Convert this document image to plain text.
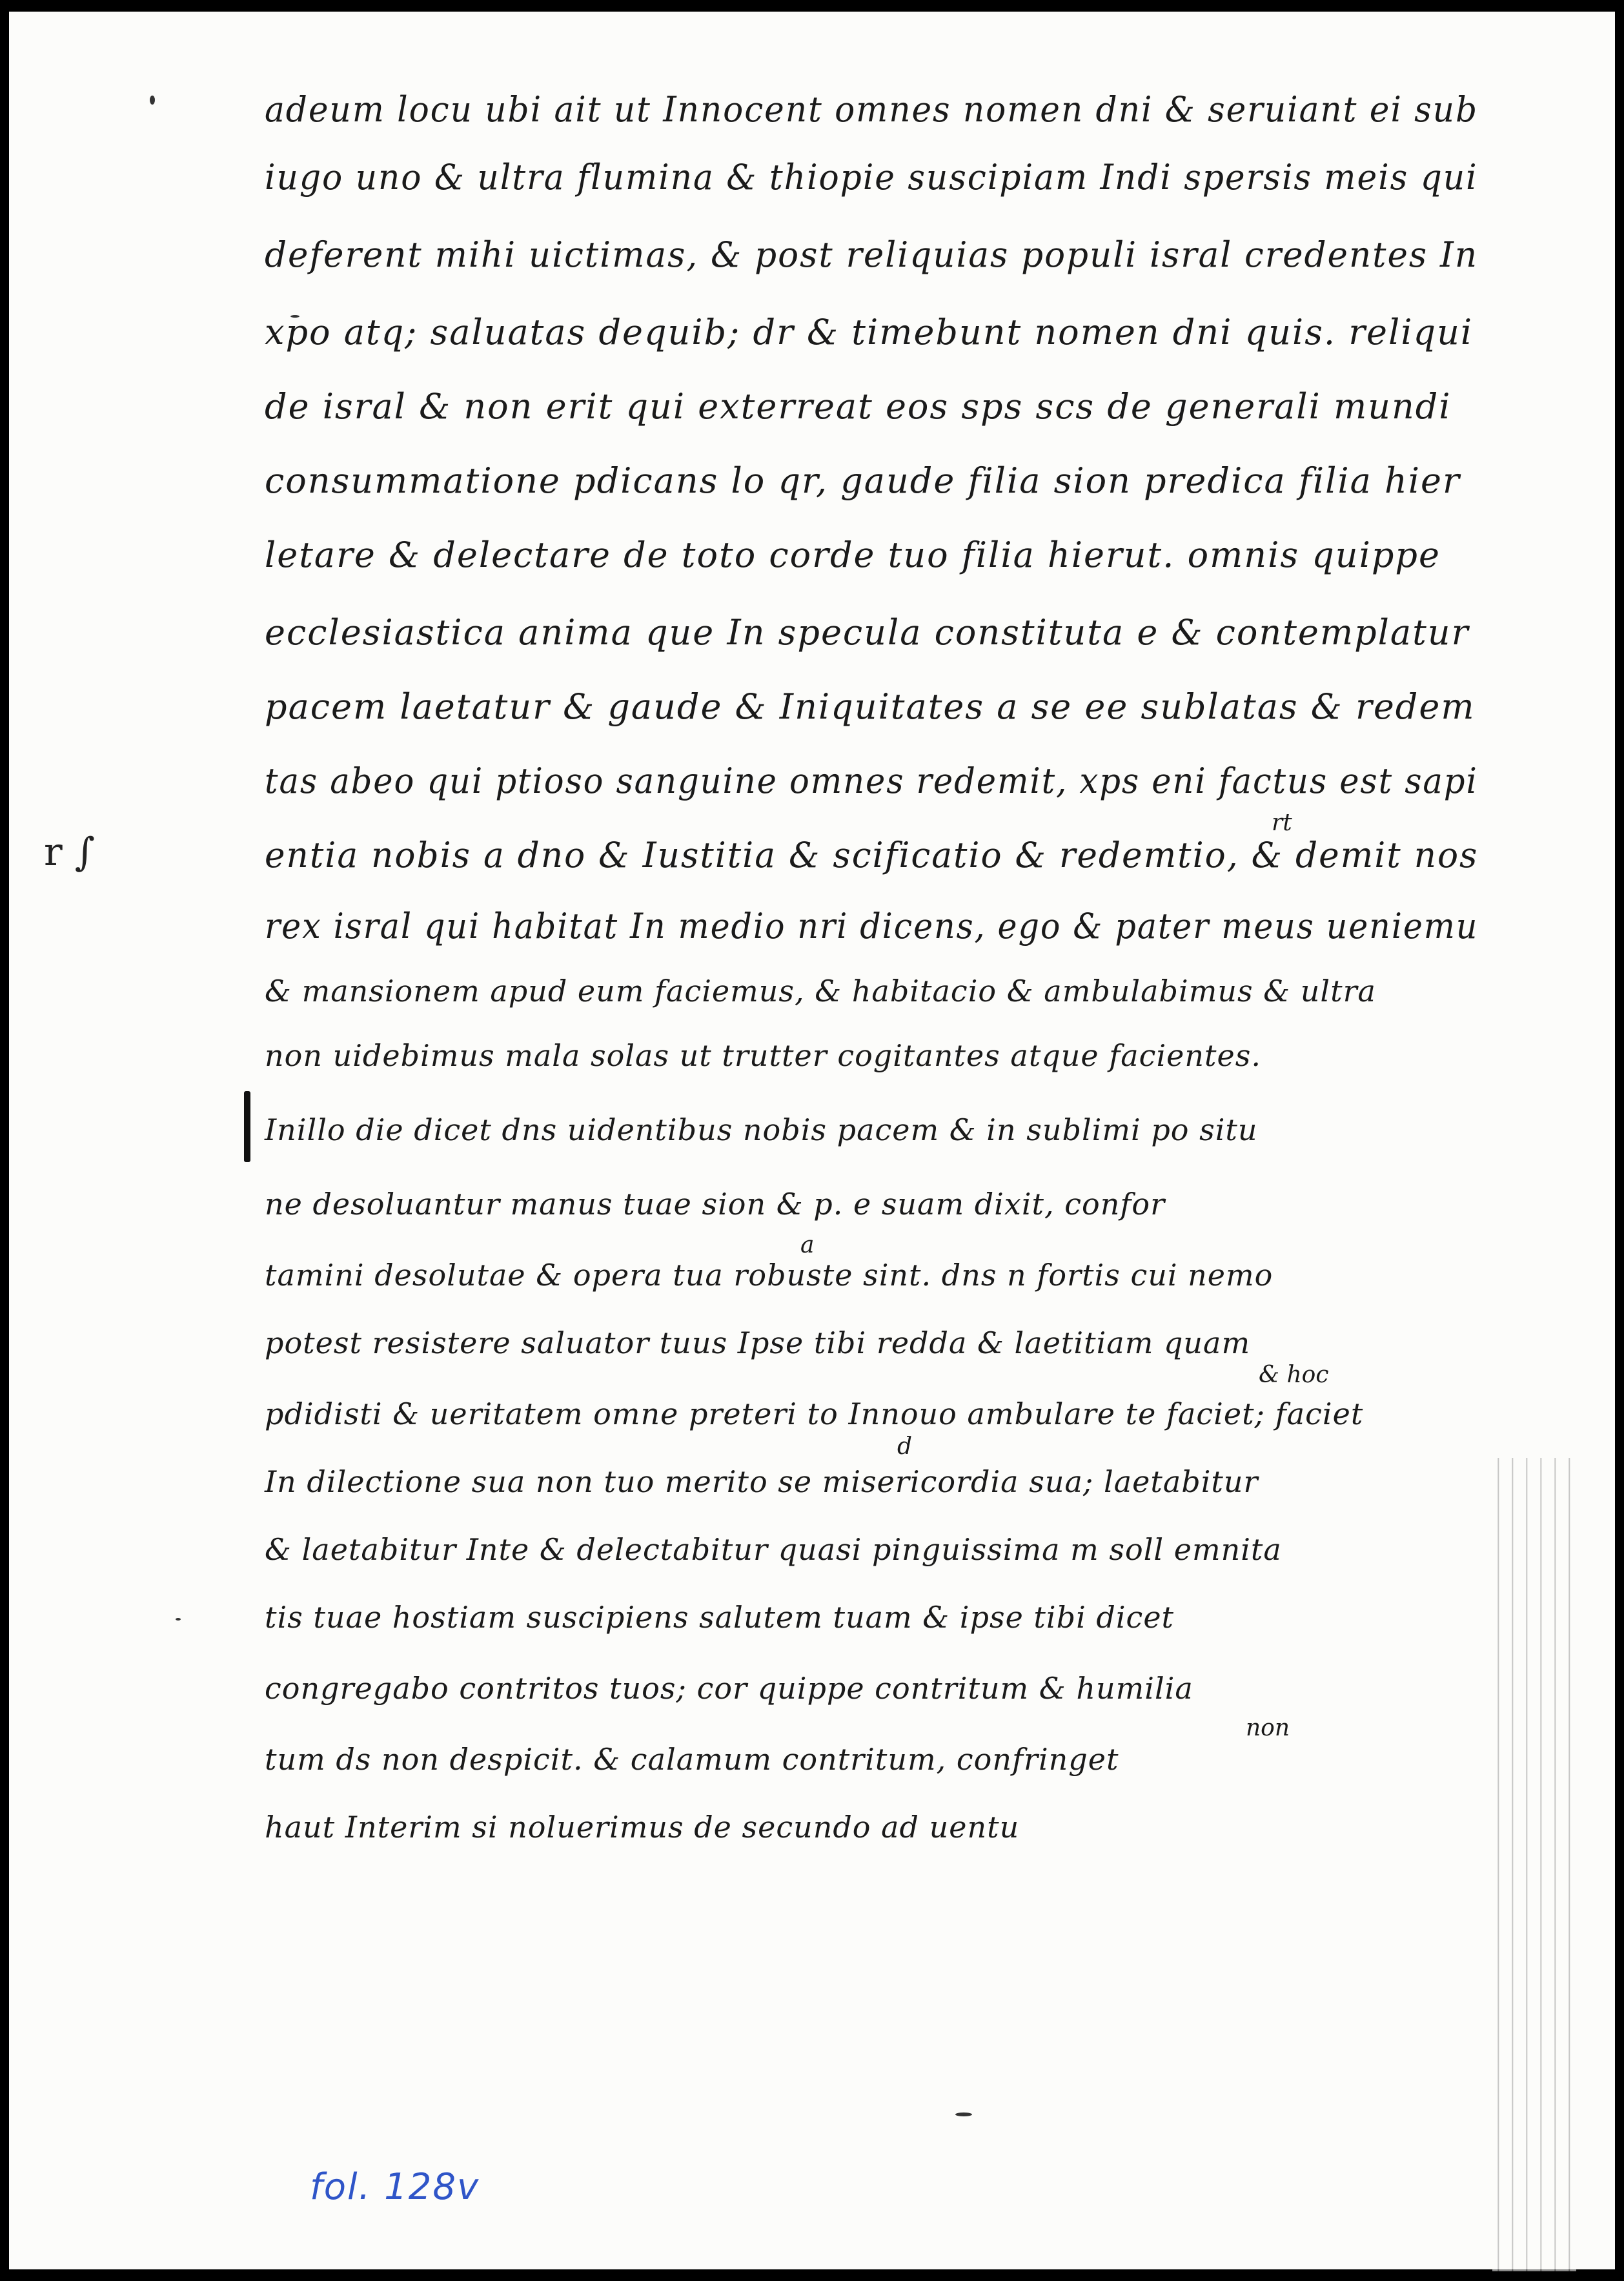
r ∫
adeum locu ubi ait ut Innocent omnes nomen dni & seruiant ei sub
iugo uno & ultra flumina & thiopie suscipiam Indi spersis meis qui
deferent mihi uictimas, & post reliquias populi isral credentes In
xpo atq; saluatas dequib; dr & timebunt nomen dni quis. reliqui
de isral & non erit qui exterreat eos sps scs de generali mundi
consummatione pdicans lo qr, gaude filia sion predica filia hier
letare & delectare de toto corde tuo filia hierut. omnis quippe
ecclesiastica anima que In specula constituta e & contemplatur
pacem laetatur & gaude & Iniquitates a se ee sublatas & redem
tas abeo qui ptioso sanguine omnes redemit, xps eni factus est sapi
entia nobis a dno & Iustitia & scificatio & redemtio, & demit nos
rt
rex isral qui habitat In medio nri dicens, ego & pater meus ueniemu
& mansionem apud eum faciemus, & habitacio & ambulabimus & ultra
non uidebimus mala solas ut trutter cogitantes atque facientes.
Inillo die dicet dns uidentibus nobis pacem & in sublimi po situ
ne desoluantur manus tuae sion & p. e suam dixit, confor
tamini desolutae & opera tua robuste sint. dns n fortis cui nemo
a
potest resistere saluator tuus Ipse tibi redda & laetitiam quam
pdidisti & ueritatem omne preteri to Innouo ambulare te faciet; faciet
& hoc
In dilectione sua non tuo merito se misericordia sua; laetabitur
d
& laetabitur Inte & delectabitur quasi pinguissima m soll emnita
tis tuae hostiam suscipiens salutem tuam & ipse tibi dicet
congregabo contritos tuos; cor quippe contritum & humilia
tum ds non despicit. & calamum contritum, confringet
non
haut Interim si noluerimus de secundo ad uentu
fol. 128v
